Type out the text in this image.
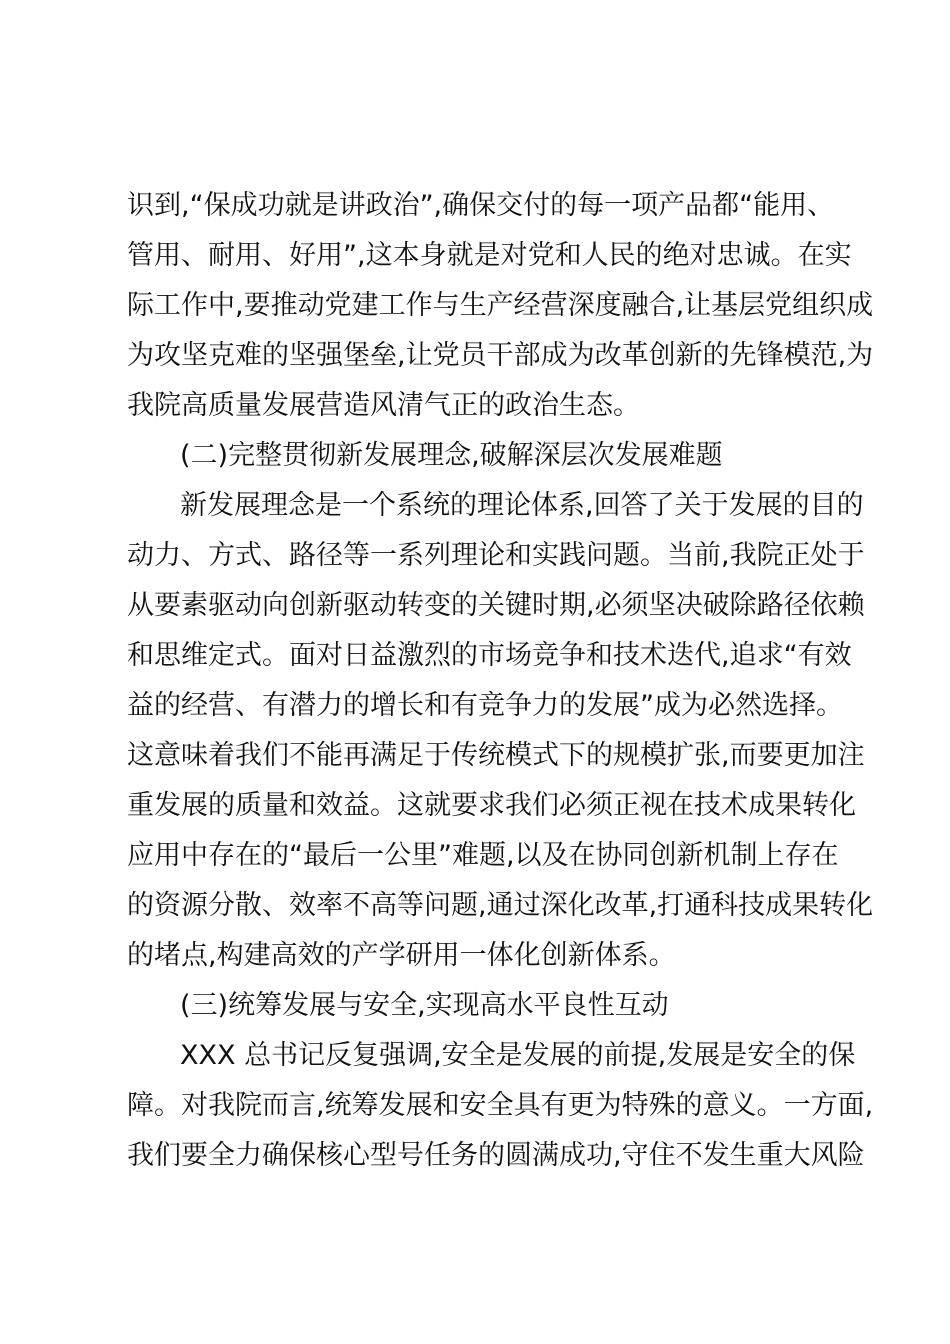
识到,“保成功就是讲政治”,确保交付的每一项产品都“能用、
管用、耐用、好用”,这本身就是对党和人民的绝对忠诚。在实
际工作中,要推动党建工作与生产经营深度融合,让基层党组织成
为攻坚克难的坚强堡垒,让党员干部成为改革创新的先锋模范,为
我院高质量发展营造风清气正的政治生态。
(二)完整贯彻新发展理念,破解深层次发展难题
新发展理念是一个系统的理论体系,回答了关于发展的目的
动力、方式、路径等一系列理论和实践问题。当前,我院正处于
从要素驱动向创新驱动转变的关键时期,必须坚决破除路径依赖
和思维定式。面对日益激烈的市场竞争和技术迭代,追求“有效
益的经营、有潜力的增长和有竞争力的发展”成为必然选择。
这意味着我们不能再满足于传统模式下的规模扩张,而要更加注
重发展的质量和效益。这就要求我们必须正视在技术成果转化
应用中存在的“最后一公里”难题,以及在协同创新机制上存在
的资源分散、效率不高等问题,通过深化改革,打通科技成果转化
的堵点,构建高效的产学研用一体化创新体系。
(三)统筹发展与安全,实现高水平良性互动
XXX 总书记反复强调,安全是发展的前提,发展是安全的保
障。对我院而言,统筹发展和安全具有更为特殊的意义。一方面,
我们要全力确保核心型号任务的圆满成功,守住不发生重大风险
